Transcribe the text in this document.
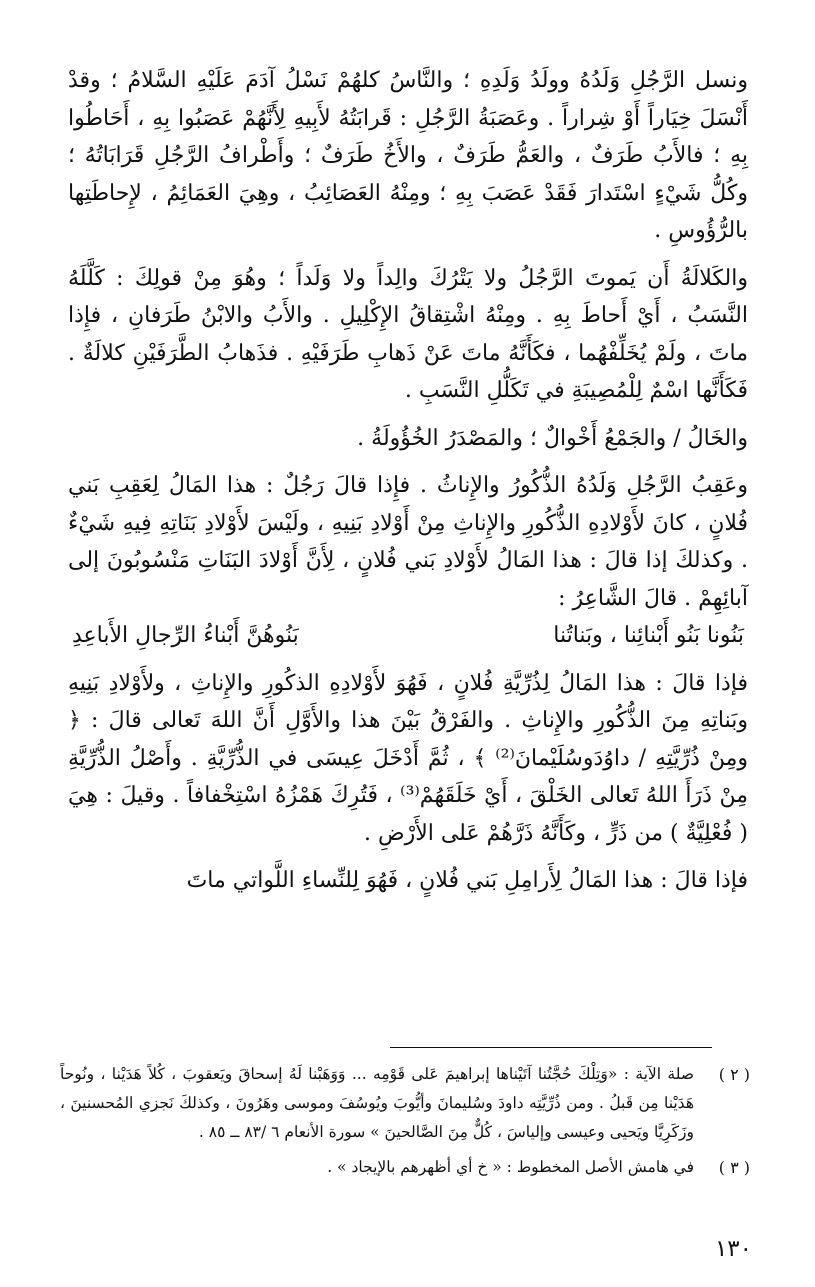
ونسل الرَّجُلِ وَلَدُهُ وولَدُ وَلَدِهِ ؛ والنَّاسُ كلهُمْ نَسْلُ آدَمَ عَلَيْهِ السَّلامُ ؛ وقدْ أَنْسَلَ خِيَاراً أَوْ شِراراً . وعَصَبَةُ الرَّجُلِ : قَرابَتُهُ لأَبِيهِ لِأَنَّهُمْ عَصَبُوا بِهِ ، أَحَاطُوا بِهِ ؛ فالأَبُ طَرَفٌ ، والعَمُّ طَرَفٌ ، والأَخُ طَرَفٌ ؛ وأَطْرافُ الرَّجُلِ قَرَابَاتُهُ ؛ وكُلُّ شَيْءٍ اسْتَدارَ فَقَدْ عَصَبَ بِهِ ؛ ومِنْهُ العَصَائِبُ ، وهِيَ العَمَائِمُ ، لإِحاطَتِها بالرُّؤُوسِ .

والكَلالَةُ أَن يَموتَ الرَّجُلُ ولا يَتْرُكَ والِداً ولا وَلَداً ؛ وهُوَ مِنْ قولِكَ : كَلَّلَهُ النَّسَبُ ، أَيْ أَحاطَ بِهِ . ومِنْهُ اشْتِقاقُ الإِكْلِيلِ . والأَبُ والابْنُ طَرَفانِ ، فإِذا ماتَ ، ولَمْ يُخَلِّفْهُما ، فكَأَنَّهُ ماتَ عَنْ ذَهابِ طَرَفَيْهِ . فذَهابُ الطَّرَفَيْنِ كلالَةٌ . فَكَأَنَّها اسْمٌ لِلْمُصِيبَةِ في تَكَلُّلِ النَّسَبِ .

والخَالُ / والجَمْعُ أَخْوالٌ ؛ والمَصْدَرُ الخُؤُولَةُ .

وعَقِبُ الرَّجُلِ وَلَدُهُ الذُّكُورُ والإِناثُ . فإِذا قالَ رَجُلٌ : هذا المَالُ لِعَقِبِ بَني فُلانٍ ، كانَ لأَوْلادِهِ الذُّكُورِ والإِناثِ مِنْ أَوْلادِ بَنِيهِ ، ولَيْسَ لأَوْلادِ بَنَاتِهِ فِيهِ شَيْءٌ . وكذلكَ إذا قالَ : هذا المَالُ لأَوْلادِ بَني فُلانٍ ، لِأَنَّ أَوْلادَ البَنَاتِ مَنْسُوبُونَ إلى آبائِهِمْ . قالَ الشَّاعِرُ :

بَنُونا بَنُو أَبْنائِنا ، وبَناتُنا
بَنُوهُنَّ أَبْناءُ الرِّجالِ الأَباعِدِ

فإذا قالَ : هذا المَالُ لِذُرِّيَّةِ فُلانٍ ، فَهُوَ لأَوْلادِهِ الذكُورِ والإِناثِ ، ولأَوْلادِ بَنِيهِ وبَناتِهِ مِنَ الذُّكُورِ والإِناثِ . والفَرْقُ بَيْنَ هذا والأَوَّلِ أَنَّ اللهَ تَعالى قالَ : ﴿ ومِنْ ذُرِّيَّتِهِ / داوُدَوسُلَيْمانَ⁽²⁾ ﴾ ، ثُمَّ أَدْخَلَ عِيسَى في الذُّرِّيَّةِ . وأَصْلُ الذُّرِّيَّةِ مِنْ ذَرَأَ اللهُ تَعالى الخَلْقَ ، أَيْ خَلَقَهُمْ⁽³⁾ ، فَتُرِكَ هَمْزُهُ اسْتِخْفافاً . وقيلَ : هِيَ ( فُعْلِيَّةٌ ) من ذَرٍّ ، وكَأَنَّهُ ذَرَّهُمْ عَلى الأَرْضِ .

فإذا قالَ : هذا المَالُ لِأَرامِلِ بَني فُلانٍ ، فَهُوَ لِلنِّساءِ اللَّواتي ماتَ

( ٢ )
صلة الآية : «وَتِلْكَ حُجَّتُنا آتَيْناها إبراهيمَ عَلى قَوْمِه ... وَوَهَبْنا لَهُ إسحاقَ ويَعقوبَ ، كُلاً هَدَيْنا ، ونُوحاً هَدَيْنا مِن قَبلُ . ومن ذُرِّيَّتِه داودَ وسُليمانَ وأيُّوبَ ويُوسُفَ وموسى وهَرُونَ ، وكذلكَ نَجزي المُحسنينَ ، وزَكَرِيَّا ويَحيى وعيسى وإلياسَ ، كُلٌّ مِنَ الصَّالحينَ » سورة الأنعام ٦ /٨٣ ــ ٨٥ .
( ٣ )
في هامش الأصل المخطوط : « خ أي أظهرهم بالإيجاد » .
١٣٠
